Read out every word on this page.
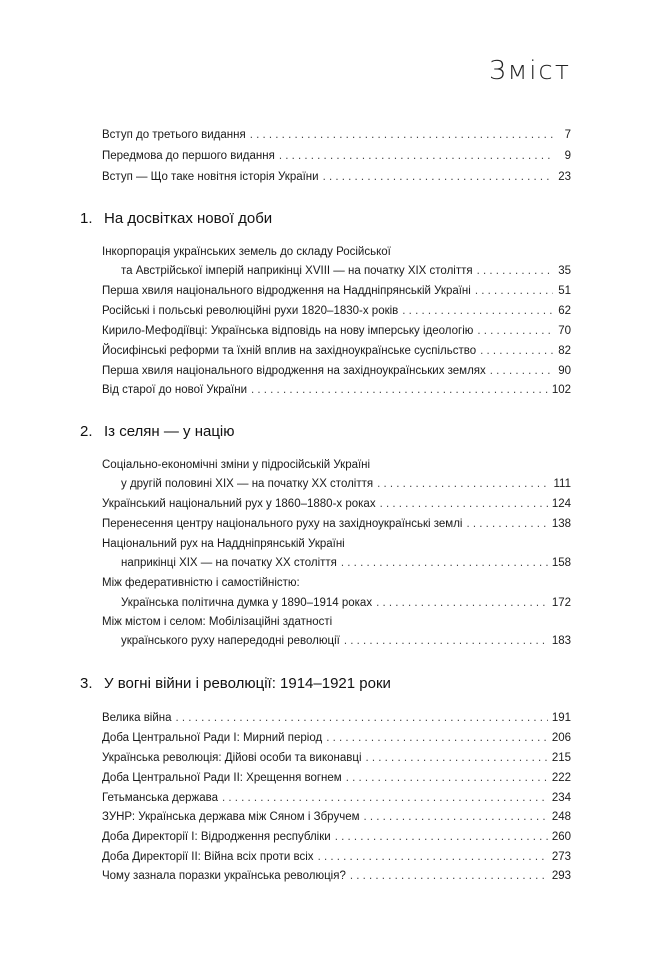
Зміст
Вступ до третього видання . . .	7
Передмова до першого видання . . .	9
Вступ — Що таке новітня історія України . . .	23
1. На досвітках нової доби
Інкорпорація українських земель до складу Російської
та Австрійської імперій наприкінці XVIII — на початку XIX століття . . .	35
Перша хвиля національного відродження на Наддніпрянській Україні . . .	51
Російські і польські революційні рухи 1820–1830-х років . . .	62
Кирило-Мефодіївці: Українська відповідь на нову імперську ідеологію . . .	70
Йосифінські реформи та їхній вплив на західноукраїнське суспільство . . .	82
Перша хвиля національного відродження на західноукраїнських землях . . .	90
Від старої до нової України . . .	102
2. Із селян — у націю
Соціально-економічні зміни у підросійській Україні
у другій половині XIX — на початку XX століття . . .	111
Український національний рух у 1860–1880-х роках . . .	124
Перенесення центру національного руху на західноукраїнські землі . . .	138
Національний рух на Наддніпрянській Україні
наприкінці XIX — на початку XX століття . . .	158
Між федеративністю і самостійністю:
Українська політична думка у 1890–1914 роках . . .	172
Між містом і селом: Мобілізаційні здатності
українського руху напередодні революції . . .	183
3. У вогні війни і революції: 1914–1921 роки
Велика війна . . .	191
Доба Центральної Ради I: Мирний період . . .	206
Українська революція: Дійові особи та виконавці . . .	215
Доба Центральної Ради II: Хрещення вогнем . . .	222
Гетьманська держава . . .	234
ЗУНР: Українська держава між Сяном і Збручем . . .	248
Доба Директорії I: Відродження республіки . . .	260
Доба Директорії II: Війна всіх проти всіх . . .	273
Чому зазнала поразки українська революція? . . .	293
